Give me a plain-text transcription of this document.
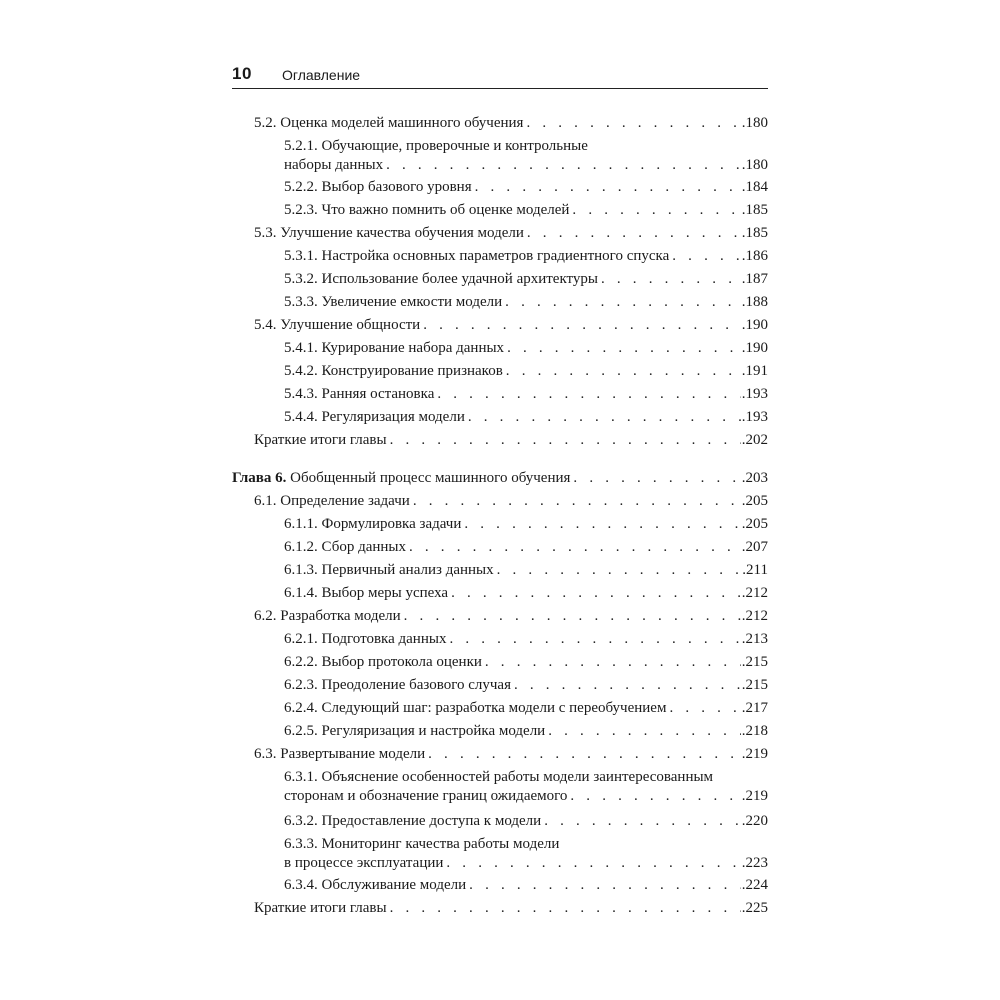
10 Оглавление
5.2. Оценка моделей машинного обучения . . .	.180
5.2.1. Обучающие, проверочные и контрольные
наборы данных . . .	.180
5.2.2. Выбор базового уровня . . .	.184
5.2.3. Что важно помнить об оценке моделей . . .	.185
5.3. Улучшение качества обучения модели . . .	.185
5.3.1. Настройка основных параметров градиентного спуска . . .	.186
5.3.2. Использование более удачной архитектуры . . .	.187
5.3.3. Увеличение емкости модели . . .	.188
5.4. Улучшение общности . . .	.190
5.4.1. Курирование набора данных . . .	.190
5.4.2. Конструирование признаков . . .	.191
5.4.3. Ранняя остановка . . .	.193
5.4.4. Регуляризация модели . . .	.193
Краткие итоги главы . . .	.202
Глава 6. Обобщенный процесс машинного обучения . . .	.203
6.1. Определение задачи . . .	.205
6.1.1. Формулировка задачи . . .	.205
6.1.2. Сбор данных . . .	.207
6.1.3. Первичный анализ данных . . .	.211
6.1.4. Выбор меры успеха . . .	.212
6.2. Разработка модели . . .	.212
6.2.1. Подготовка данных . . .	.213
6.2.2. Выбор протокола оценки . . .	.215
6.2.3. Преодоление базового случая . . .	.215
6.2.4. Следующий шаг: разработка модели с переобучением . . .	.217
6.2.5. Регуляризация и настройка модели . . .	.218
6.3. Развертывание модели . . .	.219
6.3.1. Объяснение особенностей работы модели заинтересованным
сторонам и обозначение границ ожидаемого . . .	.219
6.3.2. Предоставление доступа к модели . . .	.220
6.3.3. Мониторинг качества работы модели
в процессе эксплуатации . . .	.223
6.3.4. Обслуживание модели . . .	.224
Краткие итоги главы . . .	.225
